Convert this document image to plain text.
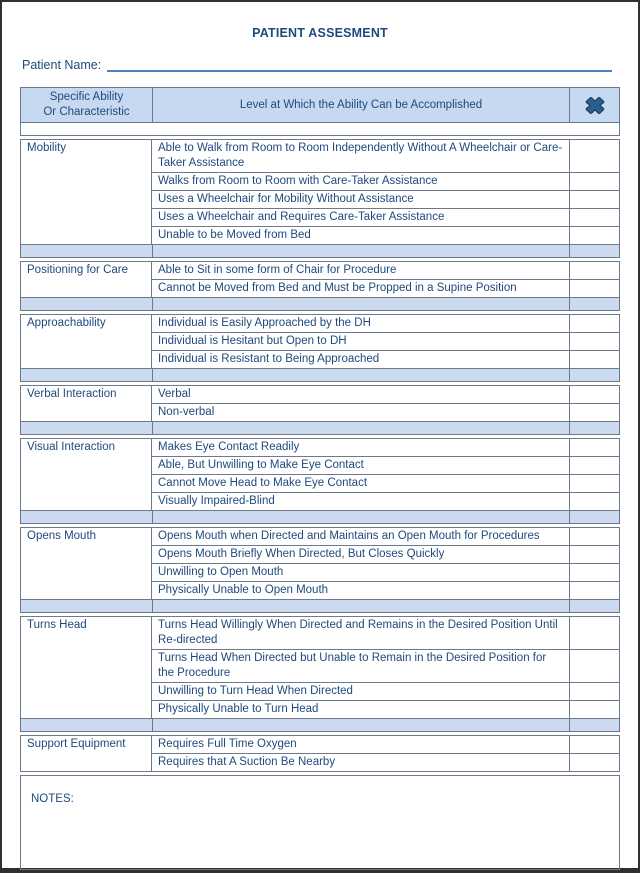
PATIENT ASSESMENT
Patient Name:
Specific Ability
Or Characteristic
Level at Which the Ability Can be Accomplished
Mobility	Able to Walk from Room to Room Independently Without A Wheelchair or Care-Taker Assistance
Walks from Room to Room with Care-Taker Assistance
Uses a Wheelchair for Mobility Without Assistance
Uses a Wheelchair and Requires Care-Taker Assistance
Unable to be Moved from Bed
Positioning for Care	Able to Sit in some form of Chair for Procedure
Cannot be Moved from Bed and Must be Propped in a Supine Position
Approachability	Individual is Easily Approached by the DH
Individual is Hesitant but Open to DH
Individual is Resistant to Being Approached
Verbal Interaction	Verbal
Non-verbal
Visual Interaction	Makes Eye Contact Readily
Able, But Unwilling to Make Eye Contact
Cannot Move Head to Make Eye Contact
Visually Impaired-Blind
Opens Mouth	Opens Mouth when Directed and Maintains an Open Mouth for Procedures
Opens Mouth Briefly When Directed, But Closes Quickly
Unwilling to Open Mouth
Physically Unable to Open Mouth
Turns Head	Turns Head Willingly When Directed and Remains in the Desired Position Until Re-directed
Turns Head When Directed but Unable to Remain in the Desired Position for the Procedure
Unwilling to Turn Head When Directed
Physically Unable to Turn Head
Support Equipment	Requires Full Time Oxygen
Requires that A Suction Be Nearby
NOTES:
